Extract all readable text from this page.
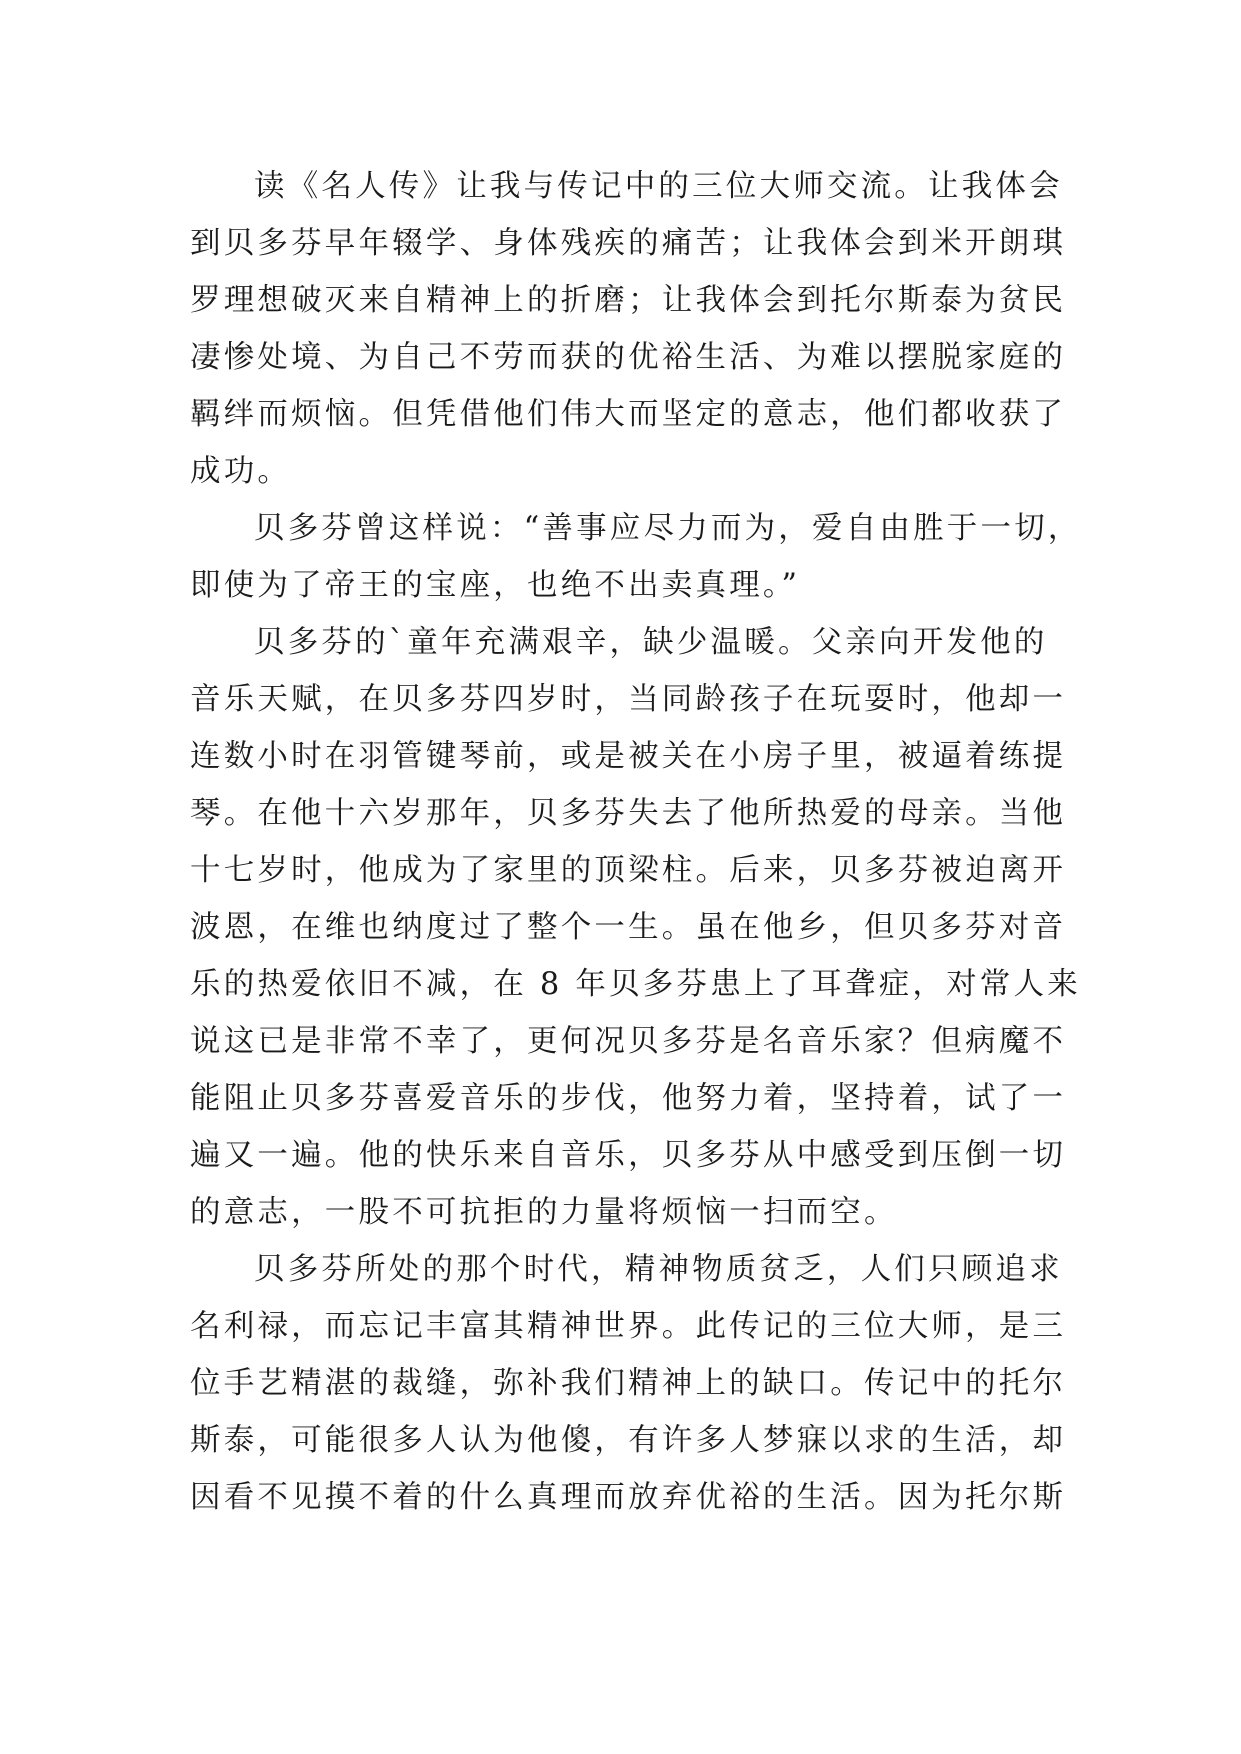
读《名人传》让我与传记中的三位大师交流。让我体会
到贝多芬早年辍学、身体残疾的痛苦；让我体会到米开朗琪
罗理想破灭来自精神上的折磨；让我体会到托尔斯泰为贫民
凄惨处境、为自己不劳而获的优裕生活、为难以摆脱家庭的
羁绊而烦恼。但凭借他们伟大而坚定的意志，他们都收获了
成功。

贝多芬曾这样说：“善事应尽力而为，爱自由胜于一切，
即使为了帝王的宝座，也绝不出卖真理。”

贝多芬的`童年充满艰辛，缺少温暖。父亲向开发他的
音乐天赋，在贝多芬四岁时，当同龄孩子在玩耍时，他却一
连数小时在羽管键琴前，或是被关在小房子里，被逼着练提
琴。在他十六岁那年，贝多芬失去了他所热爱的母亲。当他
十七岁时，他成为了家里的顶梁柱。后来，贝多芬被迫离开
波恩，在维也纳度过了整个一生。虽在他乡，但贝多芬对音
乐的热爱依旧不减，在 8 年贝多芬患上了耳聋症，对常人来
说这已是非常不幸了，更何况贝多芬是名音乐家？但病魔不
能阻止贝多芬喜爱音乐的步伐，他努力着，坚持着，试了一
遍又一遍。他的快乐来自音乐，贝多芬从中感受到压倒一切
的意志，一股不可抗拒的力量将烦恼一扫而空。

贝多芬所处的那个时代，精神物质贫乏，人们只顾追求
名利禄，而忘记丰富其精神世界。此传记的三位大师，是三
位手艺精湛的裁缝，弥补我们精神上的缺口。传记中的托尔
斯泰，可能很多人认为他傻，有许多人梦寐以求的生活，却
因看不见摸不着的什么真理而放弃优裕的生活。因为托尔斯
